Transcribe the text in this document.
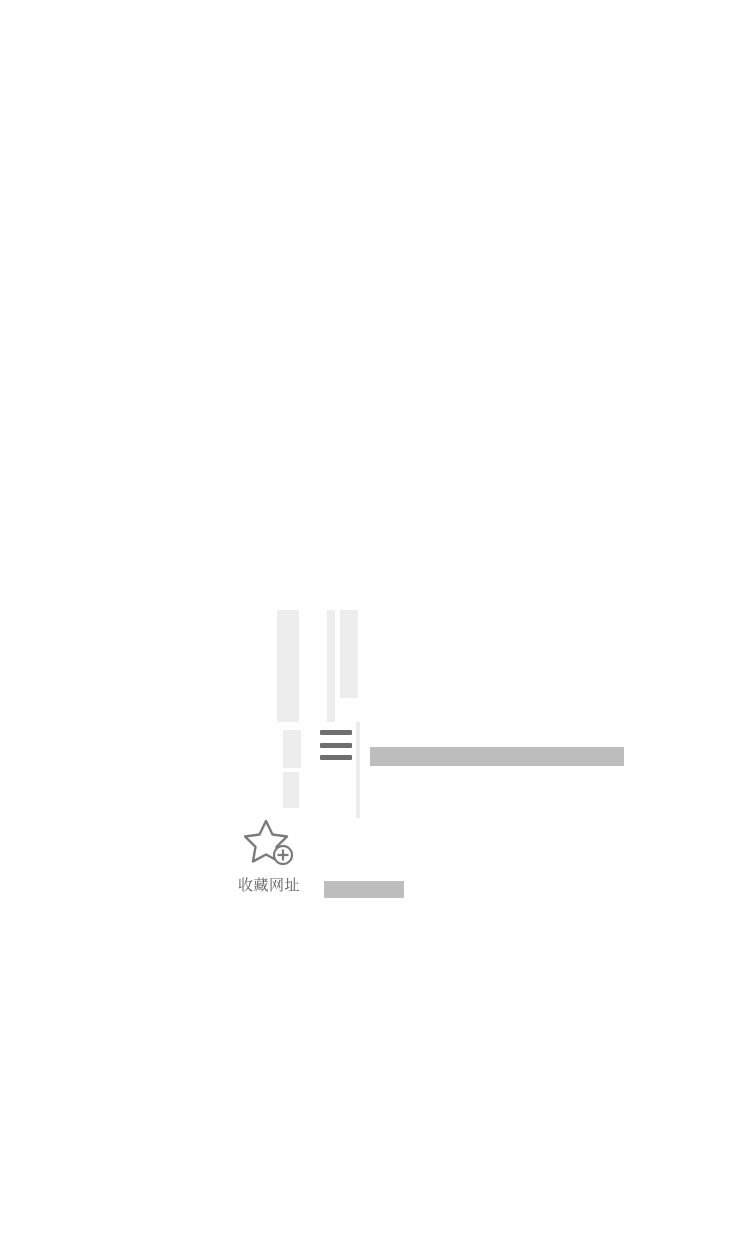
收藏网址
